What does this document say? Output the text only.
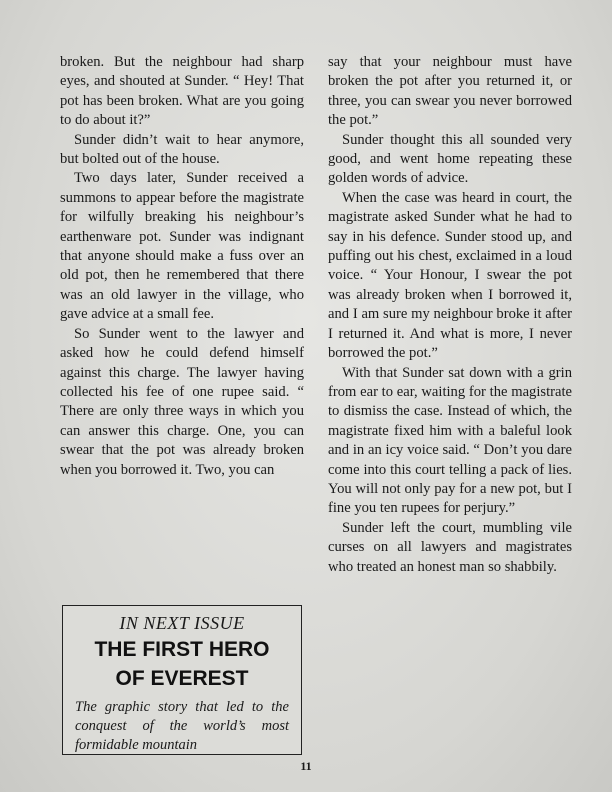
broken. But the neighbour had sharp eyes, and shouted at Sunder. “ Hey! That pot has been broken. What are you going to do about it?”

Sunder didn’t wait to hear anymore, but bolted out of the house.

Two days later, Sunder received a summons to appear before the magistrate for wilfully breaking his neighbour’s earthenware pot. Sunder was indignant that anyone should make a fuss over an old pot, then he remembered that there was an old lawyer in the village, who gave advice at a small fee.

So Sunder went to the lawyer and asked how he could defend himself against this charge. The lawyer having collected his fee of one rupee said. “ There are only three ways in which you can answer this charge. One, you can swear that the pot was already broken when you borrowed it. Two, you can

IN NEXT ISSUE
THE FIRST HERO
OF EVEREST
The graphic story that led to the conquest of the world’s most formidable mountain

say that your neighbour must have broken the pot after you returned it, or three, you can swear you never borrowed the pot.”

Sunder thought this all sounded very good, and went home repeating these golden words of advice.

When the case was heard in court, the magistrate asked Sunder what he had to say in his defence. Sunder stood up, and puffing out his chest, exclaimed in a loud voice. “ Your Honour, I swear the pot was already broken when I borrowed it, and I am sure my neighbour broke it after I returned it. And what is more, I never borrowed the pot.”

With that Sunder sat down with a grin from ear to ear, waiting for the magistrate to dismiss the case. Instead of which, the magistrate fixed him with a baleful look and in an icy voice said. “ Don’t you dare come into this court telling a pack of lies. You will not only pay for a new pot, but I fine you ten rupees for perjury.”

Sunder left the court, mumbling vile curses on all lawyers and magistrates who treated an honest man so shabbily.

11
